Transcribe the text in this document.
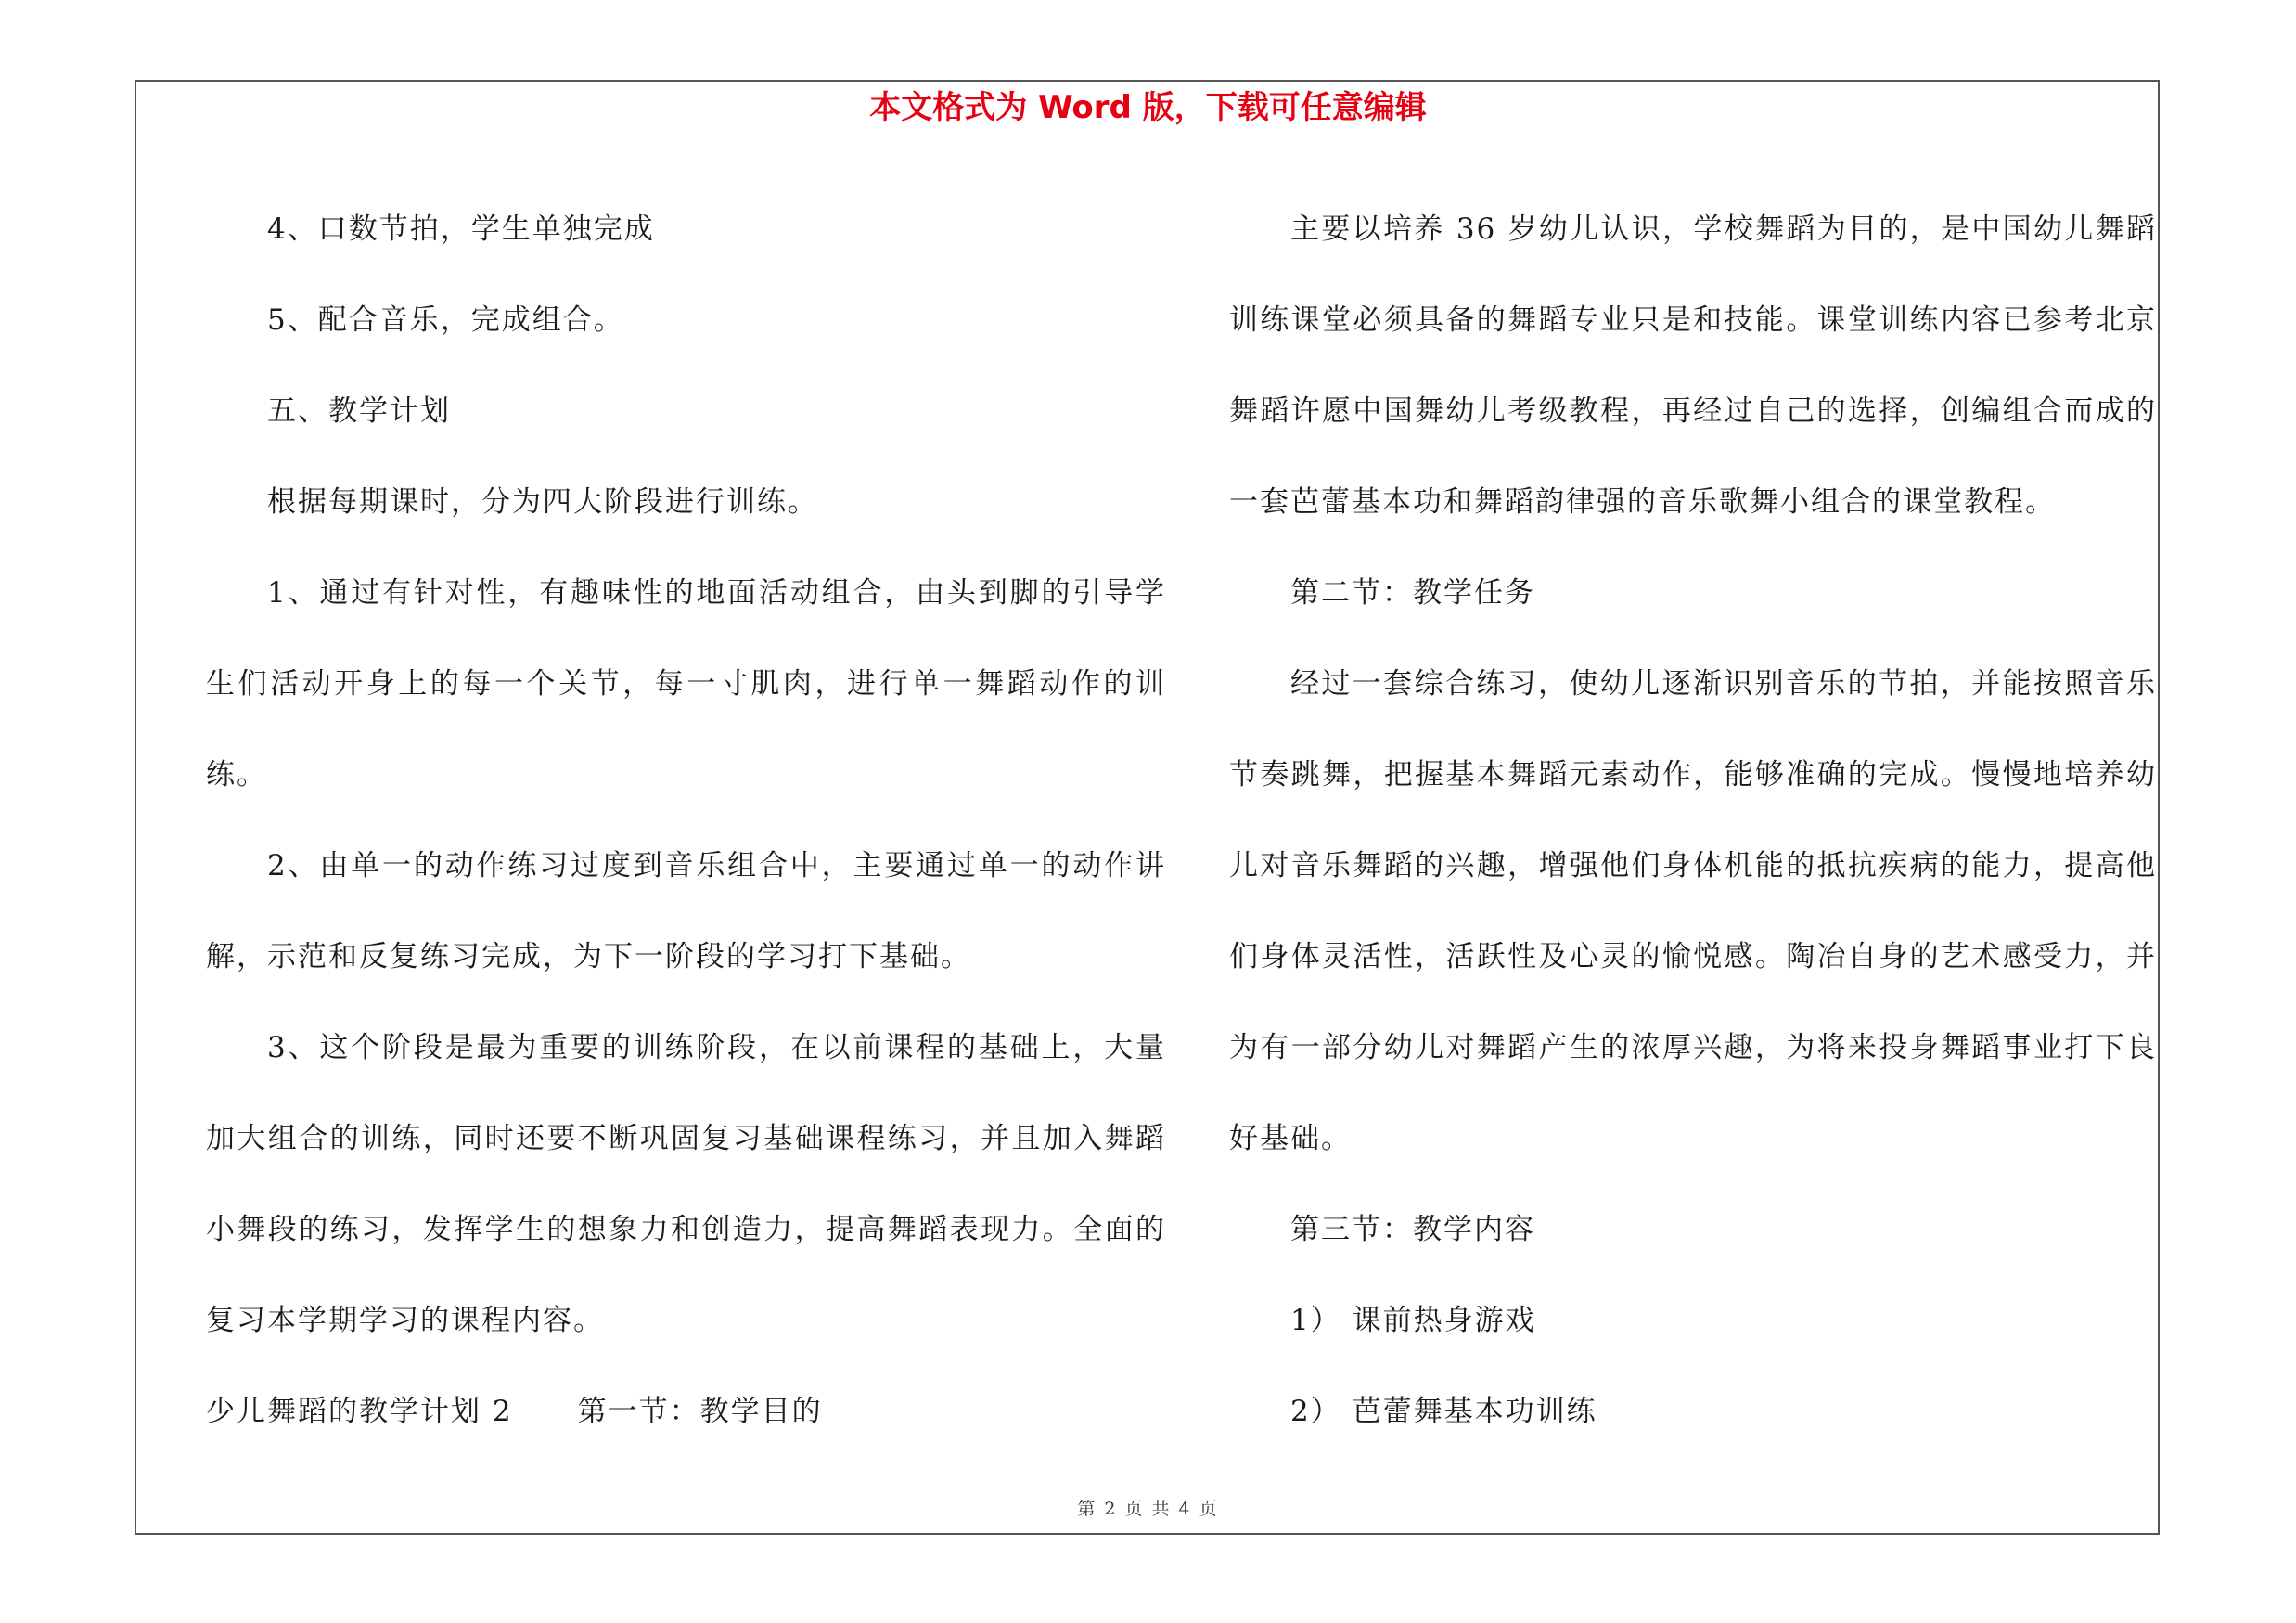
本文格式为 Word 版，下载可任意编辑

4、口数节拍，学生单独完成

5、配合音乐，完成组合。

五、教学计划

根据每期课时，分为四大阶段进行训练。

1、通过有针对性，有趣味性的地面活动组合，由头到脚的引导学生们活动开身上的每一个关节，每一寸肌肉，进行单一舞蹈动作的训练。

2、由单一的动作练习过度到音乐组合中，主要通过单一的动作讲解，示范和反复练习完成，为下一阶段的学习打下基础。

3、这个阶段是最为重要的训练阶段，在以前课程的基础上，大量加大组合的训练，同时还要不断巩固复习基础课程练习，并且加入舞蹈小舞段的练习，发挥学生的想象力和创造力，提高舞蹈表现力。全面的复习本学期学习的课程内容。

少儿舞蹈的教学计划 2 第一节：教学目的

主要以培养 36 岁幼儿认识，学校舞蹈为目的，是中国幼儿舞蹈训练课堂必须具备的舞蹈专业只是和技能。课堂训练内容已参考北京舞蹈许愿中国舞幼儿考级教程，再经过自己的选择，创编组合而成的一套芭蕾基本功和舞蹈韵律强的音乐歌舞小组合的课堂教程。

第二节：教学任务

经过一套综合练习，使幼儿逐渐识别音乐的节拍，并能按照音乐节奏跳舞，把握基本舞蹈元素动作，能够准确的完成。慢慢地培养幼儿对音乐舞蹈的兴趣，增强他们身体机能的抵抗疾病的能力，提高他们身体灵活性，活跃性及心灵的愉悦感。陶冶自身的艺术感受力，并为有一部分幼儿对舞蹈产生的浓厚兴趣，为将来投身舞蹈事业打下良好基础。

第三节：教学内容

1） 课前热身游戏

2） 芭蕾舞基本功训练

第 2 页 共 4 页
